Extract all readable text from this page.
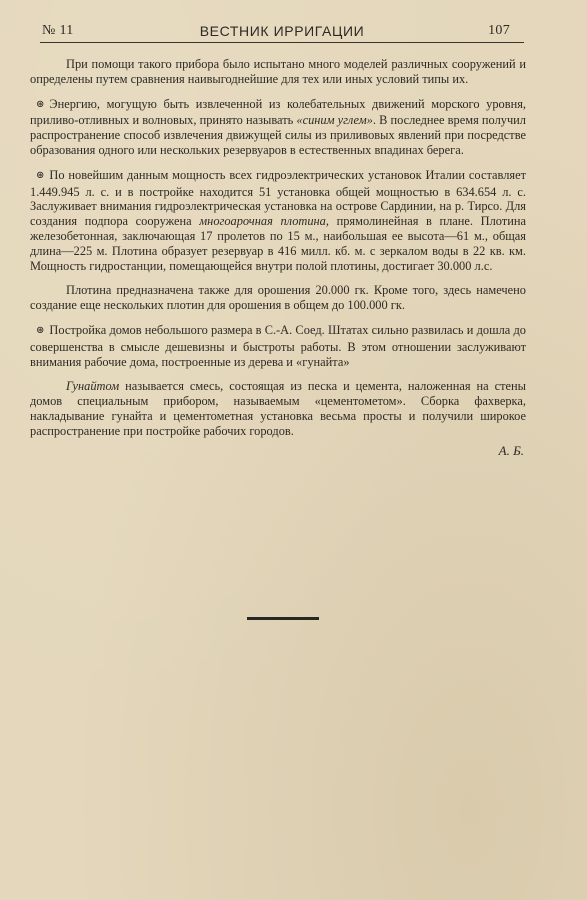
№ 11	ВЕСТНИК ИРРИГАЦИИ	107

При помощи такого прибора было испытано много моделей различных сооружений и определены путем сравнения наивыгоднейшие для тех или иных условий типы их.

⊛ Энергию, могущую быть извлеченной из колебательных движений морского уровня, приливо-отливных и волновых, принято называть «синим углем». В последнее время получил распространение способ извлечения движущей силы из приливовых явлений при посредстве образования одного или нескольких резервуаров в естественных впадинах берега.

⊛ По новейшим данным мощность всех гидроэлектрических установок Италии составляет 1.449.945 л. с. и в постройке находится 51 установка общей мощностью в 634.654 л. с. Заслуживает внимания гидроэлектрическая установка на острове Сардинии, на р. Тирсо. Для создания подпора сооружена многоарочная плотина, прямолинейная в плане. Плотина железобетонная, заключающая 17 пролетов по 15 м., наибольшая ее высота—61 м., общая длина—225 м. Плотина образует резервуар в 416 милл. кб. м. с зеркалом воды в 22 кв. км. Мощность гидростанции, помещающейся внутри полой плотины, достигает 30.000 л.с.

Плотина предназначена также для орошения 20.000 гк. Кроме того, здесь намечено создание еще нескольких плотин для орошения в общем до 100.000 гк.

⊛ Постройка домов небольшого размера в С.-А. Соед. Штатах сильно развилась и дошла до совершенства в смысле дешевизны и быстроты работы. В этом отношении заслуживают внимания рабочие дома, построенные из дерева и «гунайта»

Гунайтом называется смесь, состоящая из песка и цемента, наложенная на стены домов специальным прибором, называемым «цементометом». Сборка фахверка, накладывание гунайта и цементометная установка весьма просты и получили широкое распространение при постройке рабочих городов.

А. Б.
